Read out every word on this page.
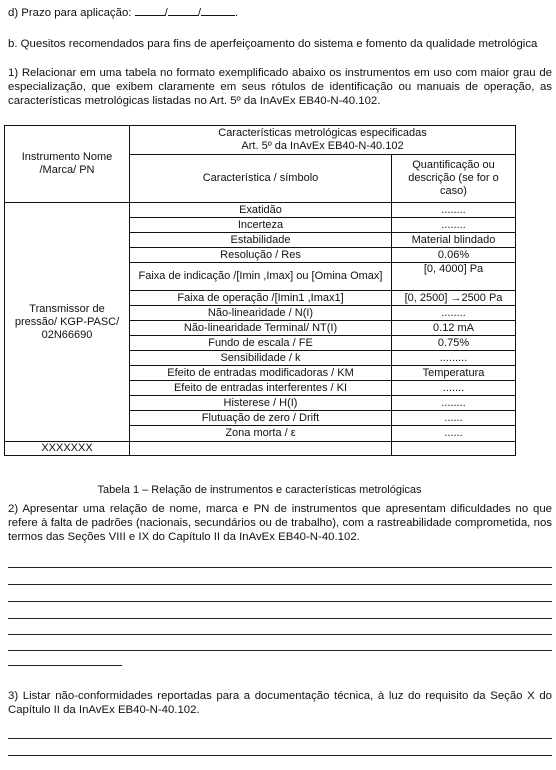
d) Prazo para aplicação:	/	/	.
b. Quesitos recomendados para fins de aperfeiçoamento do sistema e fomento da qualidade metrológica
1) Relacionar em uma tabela no formato exemplificado abaixo os instrumentos em uso com maior grau de especialização, que exibem claramente em seus rótulos de identificação ou manuais de operação, as características metrológicas listadas no Art. 5º da InAvEx EB40-N-40.102.
Instrumento Nome /Marca/ PN	Características metrológicas especificadas
Art. 5º da InAvEx EB40-N-40.102	

	Característica / símbolo	Quantificação ou descrição (se for o caso)
Transmissor de pressão/ KGP-PASC/ 02N66690	Exatidão	........
	Incerteza	........
	Estabilidade	Material blindado
	Resolução / Res	0.06%
	Faixa de indicação /[Imin ,Imax] ou [Omina Omax]	[0, 4000] Pa
	Faixa de operação /[Imin1 ,Imax1]	[0, 2500] →2500 Pa
	Não-linearidade / N(I)	........
	Não-linearidade Terminal/ NT(I)	0.12 mA
	Fundo de escala / FE	0.75%
	Sensibilidade / k	.........
	Efeito de entradas modificadoras / KM	Temperatura
	Efeito de entradas interferentes / KI	.......
	Histerese / H(I)	........
	Flutuação de zero / Drift	......
	Zona morta / ε	......
XXXXXXX		
Tabela 1 – Relação de instrumentos e características metrológicas
2) Apresentar uma relação de nome, marca e PN de instrumentos que apresentam dificuldades no que refere à falta de padrões (nacionais, secundários ou de trabalho), com a rastreabilidade comprometida, nos termos das Seções VIII e IX do Capítulo II da InAvEx EB40-N-40.102.
3) Listar não-conformidades reportadas para a documentação técnica, à luz do requisito da Seção X do Capítulo II da InAvEx EB40-N-40.102.
